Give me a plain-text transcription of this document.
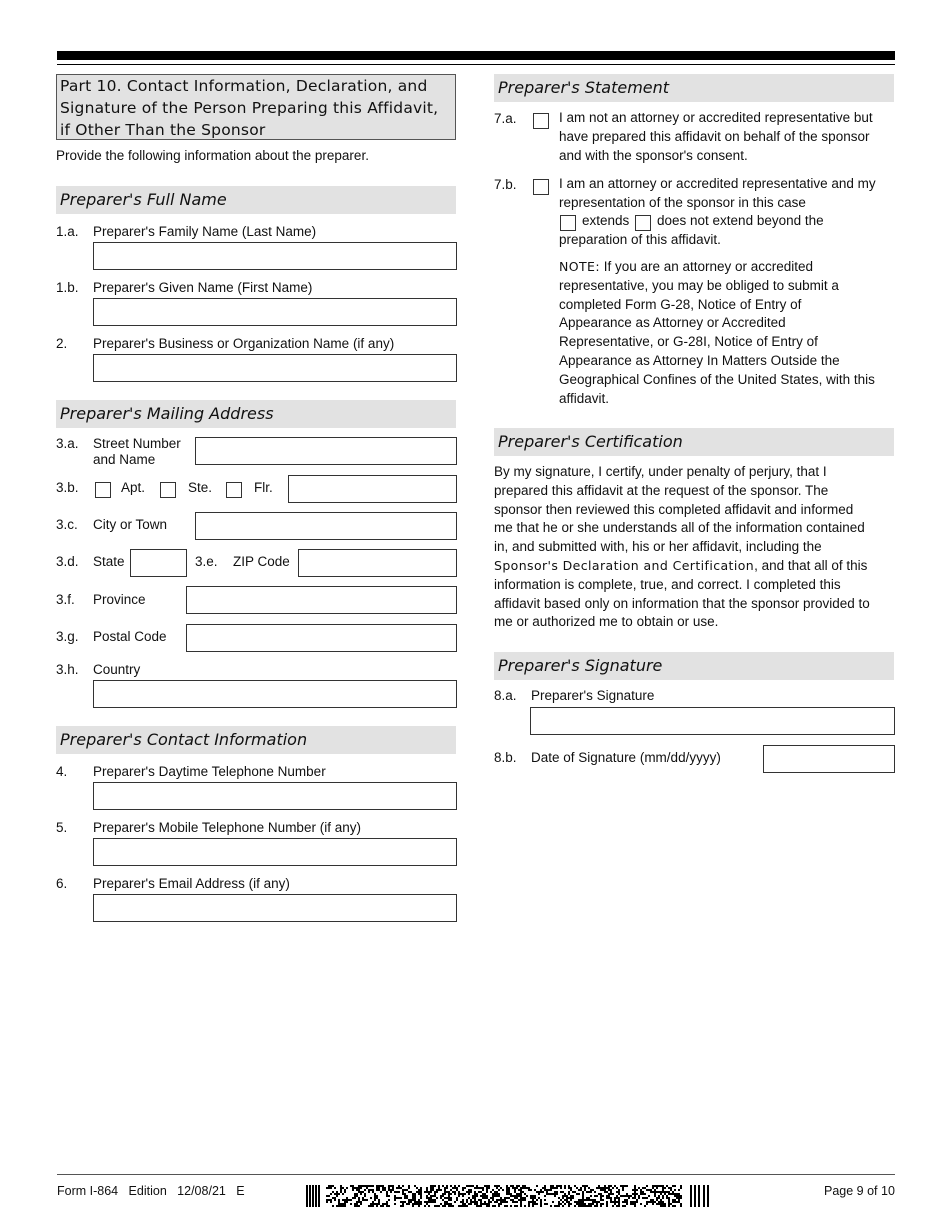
Part 10. Contact Information, Declaration, and
Signature of the Person Preparing this Affidavit,
if Other Than the Sponsor
Provide the following information about the preparer.
Preparer's Full Name
1.a. Preparer's Family Name (Last Name)
1.b. Preparer's Given Name (First Name)
2. Preparer's Business or Organization Name (if any)
Preparer's Mailing Address
3.a. Street Number
and Name
3.b.	Apt.	Ste.	Flr.
3.c. City or Town
3.d. State	3.e. ZIP Code
3.f. Province
3.g. Postal Code
3.h. Country
Preparer's Contact Information
4. Preparer's Daytime Telephone Number
5. Preparer's Mobile Telephone Number (if any)
6. Preparer's Email Address (if any)
Preparer's Statement
7.a.	I am not an attorney or accredited representative but
have prepared this affidavit on behalf of the sponsor
and with the sponsor's consent.
7.b.	I am an attorney or accredited representative and my
representation of the sponsor in this case
preparation of this affidavit.
extends does not extend beyond the
NOTE: If you are an attorney or accredited
representative, you may be obliged to submit a
completed Form G-28, Notice of Entry of
Appearance as Attorney or Accredited
Representative, or G-28I, Notice of Entry of
Appearance as Attorney In Matters Outside the
Geographical Confines of the United States, with this
affidavit.
Preparer's Certification
By my signature, I certify, under penalty of perjury, that I
prepared this affidavit at the request of the sponsor. The
sponsor then reviewed this completed affidavit and informed
me that he or she understands all of the information contained
in, and submitted with, his or her affidavit, including the
Sponsor's Declaration and Certification, and that all of this
information is complete, true, and correct. I completed this
affidavit based only on information that the sponsor provided to
me or authorized me to obtain or use.
Preparer's Signature
8.a. Preparer's Signature
8.b. Date of Signature (mm/dd/yyyy)
Form I-864   Edition   12/08/21   E	Page 9 of 10
